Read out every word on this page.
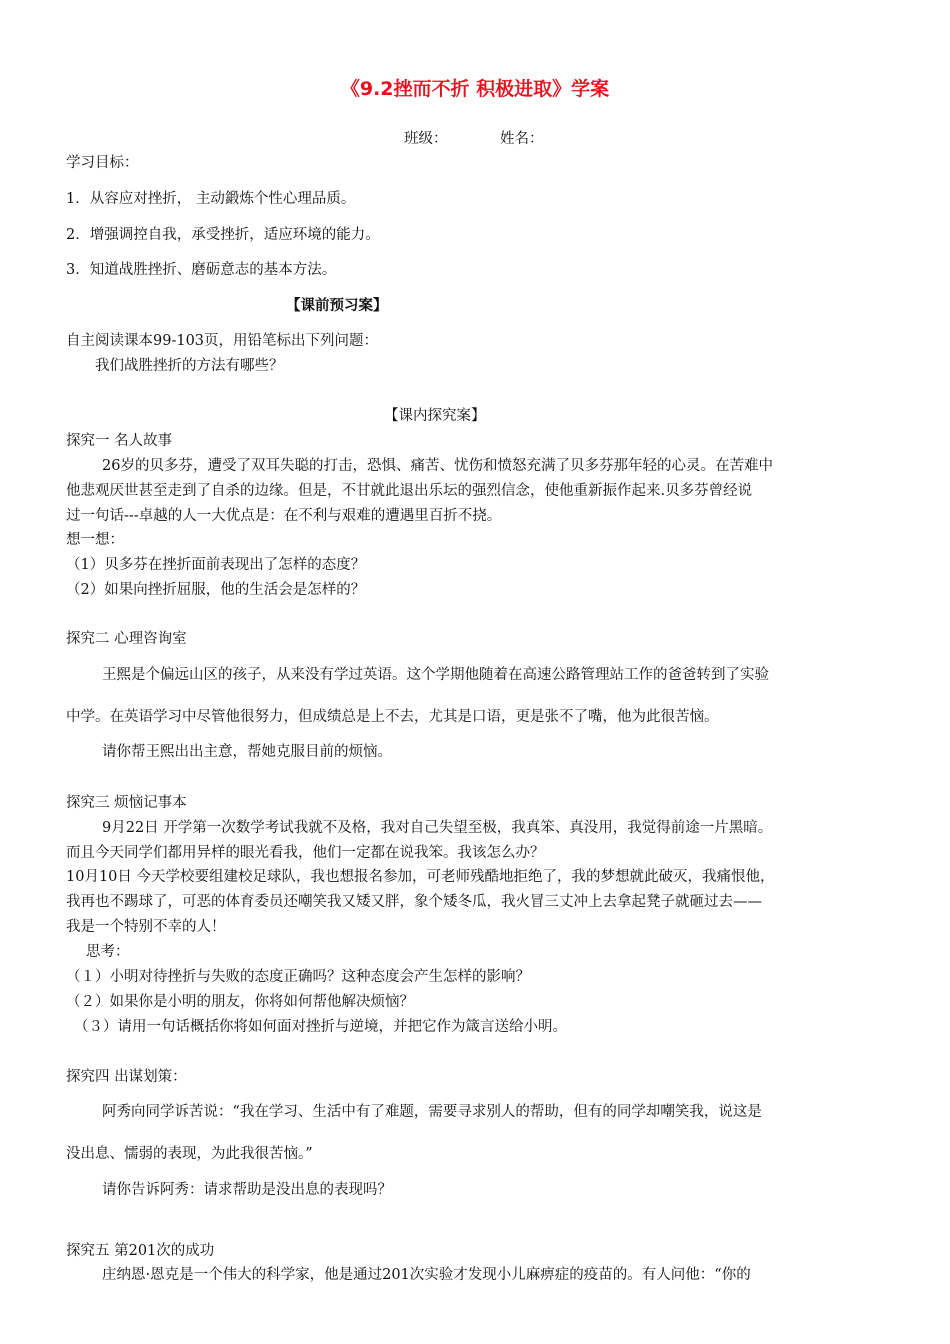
《9.2挫而不折 积极进取》学案
班级：	姓名：
学习目标：
1．从容应对挫折， 主动鍛炼个性心理品质。
2．增强调控自我，承受挫折，适应环境的能力。
3．知道战胜挫折、磨砺意志的基本方法。
【课前预习案】
自主阅读课本99-103页，用铅笔标出下列问题：
我们战胜挫折的方法有哪些？
【课内探究案】
探究一 名人故事
26岁的贝多芬，遭受了双耳失聪的打击，恐惧、痛苦、忧伤和愤怒充满了贝多芬那年轻的心灵。在苦难中
他悲观厌世甚至走到了自杀的边缘。但是，不甘就此退出乐坛的强烈信念，使他重新振作起来.贝多芬曾经说
过一句话---卓越的人一大优点是：在不利与艰难的遭遇里百折不挠。
想一想：
（1）贝多芬在挫折面前表现出了怎样的态度？
（2）如果向挫折屈服，他的生活会是怎样的？
探究二 心理咨询室
王熙是个偏远山区的孩子，从来没有学过英语。这个学期他随着在高速公路管理站工作的爸爸转到了实验
中学。在英语学习中尽管他很努力，但成绩总是上不去，尤其是口语，更是张不了嘴，他为此很苦恼。
请你帮王熙出出主意，帮她克服目前的烦恼。
探究三 烦恼记事本
9月22日 开学第一次数学考试我就不及格，我对自己失望至极，我真笨、真没用，我觉得前途一片黑暗。
而且今天同学们都用异样的眼光看我，他们一定都在说我笨。我该怎么办？
10月10日 今天学校要组建校足球队，我也想报名参加，可老师残酷地拒绝了，我的梦想就此破灭，我痛恨他，
我再也不踢球了，可恶的体育委员还嘲笑我又矮又胖，象个矮冬瓜，我火冒三丈冲上去拿起凳子就砸过去——
我是一个特别不幸的人！
思考：
（１）小明对待挫折与失败的态度正确吗？这种态度会产生怎样的影响？
（２）如果你是小明的朋友，你将如何帮他解决烦恼？
（３）请用一句话概括你将如何面对挫折与逆境，并把它作为箴言送给小明。
探究四 出谋划策：
阿秀向同学诉苦说：“我在学习、生活中有了难题，需要寻求别人的帮助，但有的同学却嘲笑我，说这是
没出息、懦弱的表现，为此我很苦恼。”
请你告诉阿秀：请求帮助是没出息的表现吗？
探究五 第201次的成功
庄纳恩·恩克是一个伟大的科学家，他是通过201次实验才发现小儿麻痹症的疫苗的。有人问他：“你的
